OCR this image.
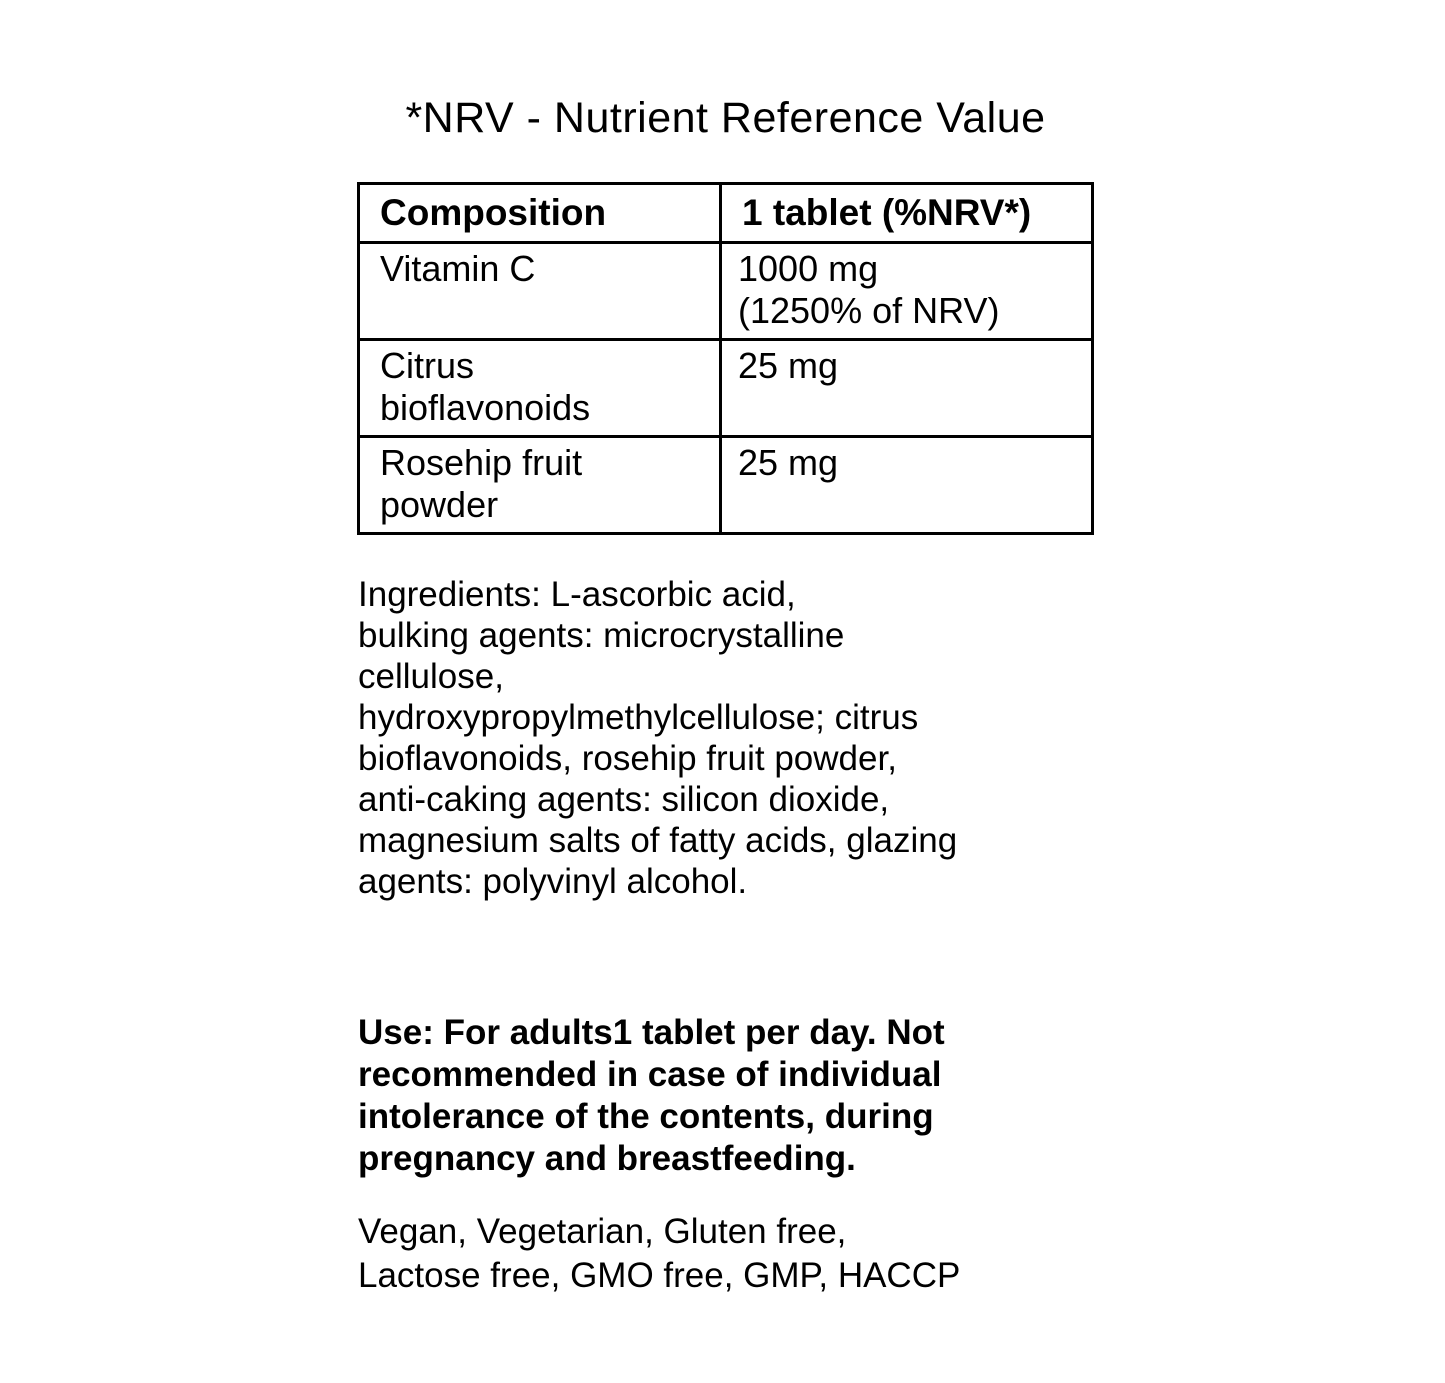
*NRV - Nutrient Reference Value
Composition	1 tablet (%NRV*)

Vitamin C	1000 mg
(1250% of NRV)

Citrus
bioflavonoids	25 mg

Rosehip fruit
powder	25 mg
Ingredients: L-ascorbic acid,
bulking agents: microcrystalline
cellulose,
hydroxypropylmethylcellulose; citrus
bioflavonoids, rosehip fruit powder,
anti-caking agents: silicon dioxide,
magnesium salts of fatty acids, glazing
agents: polyvinyl alcohol.
Use: For adults1 tablet per day. Not
recommended in case of individual
intolerance of the contents, during
pregnancy and breastfeeding.
Vegan, Vegetarian, Gluten free,
Lactose free, GMO free, GMP, HACCP
